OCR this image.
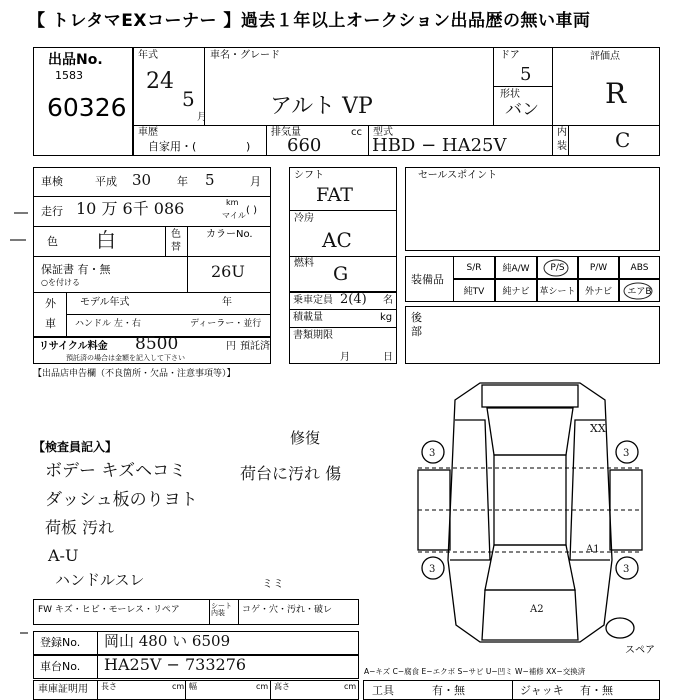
【 トレタマEXコーナー 】過去１年以上オークション出品歴の無い車両
出品No.
1583
60326
年式
24
5
月
車名・グレード
アルト VP
ドア
5
形状
バン
評価点
R
内
装 C
車歴
自家用・(	)
排気量	cc
660
型式
HBD − HA25V
車検	平成 30 年 5	月
走行 10 万 6千 086	km
マイル ( )
色 白	色
替
カラーNo.
26U
保証書 有・無
○を付ける
外
車
モデル年式	年
ハンドル 左・右	ディーラー・並行
リサイクル料金 8500	円 預託済
預託済の場合は金額を記入して下さい
【出品店申告欄（不良箇所・欠品・注意事項等）】
シフト
FAT
冷房
AC
燃料 G
乗車定員 2(4) 名
積載量	kg
書類期限
月	日
セールスポイント
装備品
S/R	純A/W	P/S	P/W	ABS
純TV	純ナビ	革シート	外ナビ	エアB
後
部
【検査員記入】	修復
ボデー キズヘコミ	荷台に汚れ 傷
ダッシュ板のりヨト
荷板 汚れ
A-U
ハンドルスレ	ミミ
FW キズ・ヒビ・モーレス・リペア	シート内装	コゲ・穴・汚れ・破レ
登録No. 岡山 480 い 6509
車台No. HA25V − 733276
車庫証明用 長さ	cm 幅	cm 高さ	cm 工具	有・無	ジャッキ 有・無
A−キズ C−腐食 E−エクボ S−サビ U−凹ミ W−補修 XX−交換済
スペア
3	3
3	3
XX
A1
A2
